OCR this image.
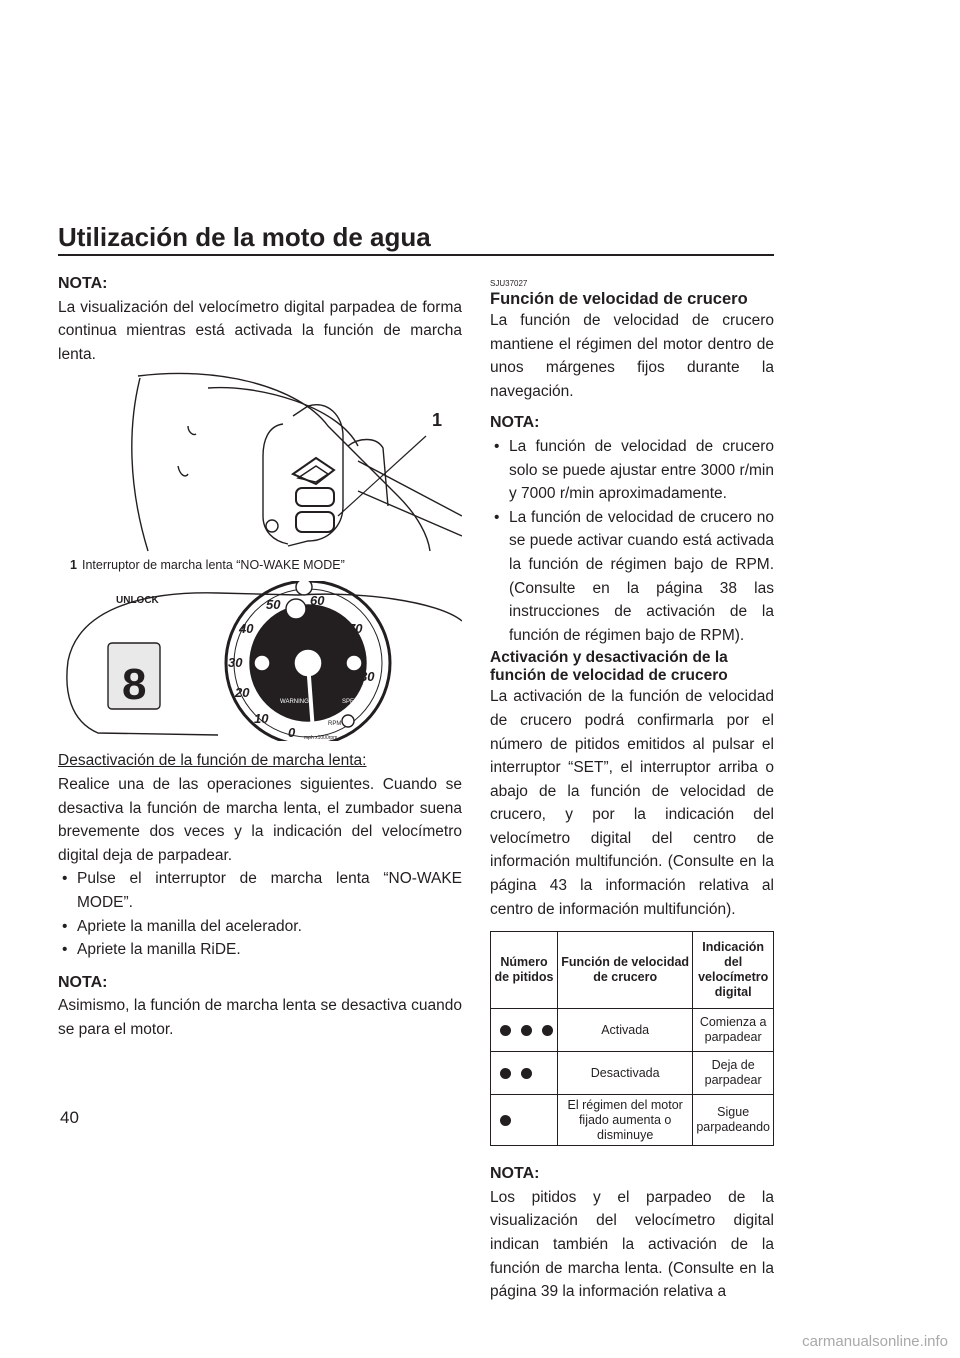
Utilización de la moto de agua
NOTA:
La visualización del velocímetro digital parpadea de forma continua mientras está activada la función de marcha lenta.
1
1 Interruptor de marcha lenta “NO-WAKE MODE”
UNLOCK
8
0
10
20
30
40
50 60
70
80
WARNING	SPEED
RPM
mph x1000rpm
Desactivación de la función de marcha lenta:
Realice una de las operaciones siguientes. Cuando se desactiva la función de marcha lenta, el zumbador suena brevemente dos veces y la indicación del velocímetro digital deja de parpadear.
• Pulse el interruptor de marcha lenta “NO-WAKE MODE”.
• Apriete la manilla del acelerador.
• Apriete la manilla RiDE.
NOTA:
Asimismo, la función de marcha lenta se desactiva cuando se para el motor.
SJU37027
Función de velocidad de crucero
La función de velocidad de crucero mantiene el régimen del motor dentro de unos márgenes fijos durante la navegación.
NOTA:
• La función de velocidad de crucero solo se puede ajustar entre 3000 r/min y 7000 r/min aproximadamente.
• La función de velocidad de crucero no se puede activar cuando está activada la función de régimen bajo de RPM. (Consulte en la página 38 las instrucciones de activación de la función de régimen bajo de RPM).
Activación y desactivación de la función de velocidad de crucero
La activación de la función de velocidad de crucero podrá confirmarla por el número de pitidos emitidos al pulsar el interruptor “SET”, el interruptor arriba o abajo de la función de velocidad de crucero, y por la indicación del velocímetro digital del centro de información multifunción. (Consulte en la página 43 la información relativa al centro de información multifunción).
Número de pitidos	Función de velocidad de crucero	Indicación del velocímetro digital

	Activada	Comienza a parpadear

	Desactivada	Deja de parpadear

	El régimen del motor fijado aumenta o disminuye	Sigue parpadeando
NOTA:
Los pitidos y el parpadeo de la visualización del velocímetro digital indican también la activación de la función de marcha lenta. (Consulte en la página 39 la información relativa a
40
carmanualsonline.info
